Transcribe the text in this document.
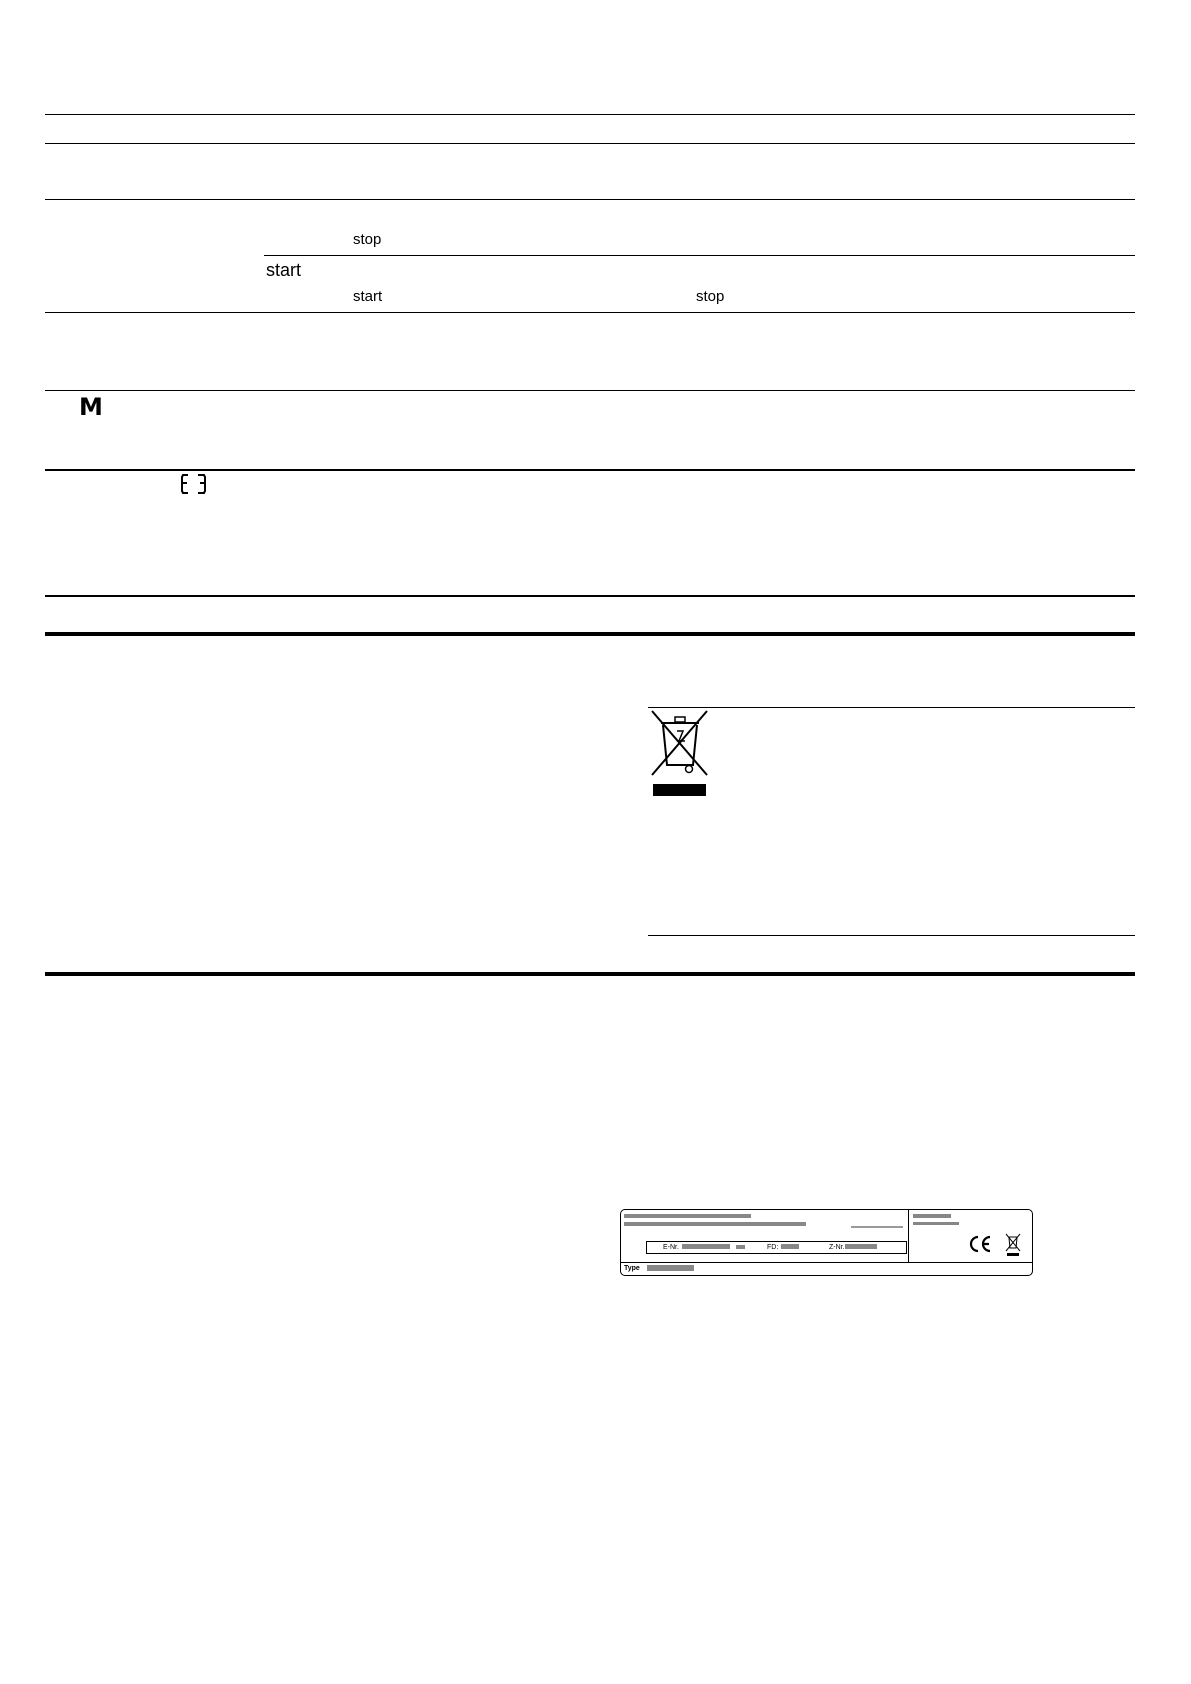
stop
start
start	stop
M
E-Nr.	FD:	Z-Nr.
Type
